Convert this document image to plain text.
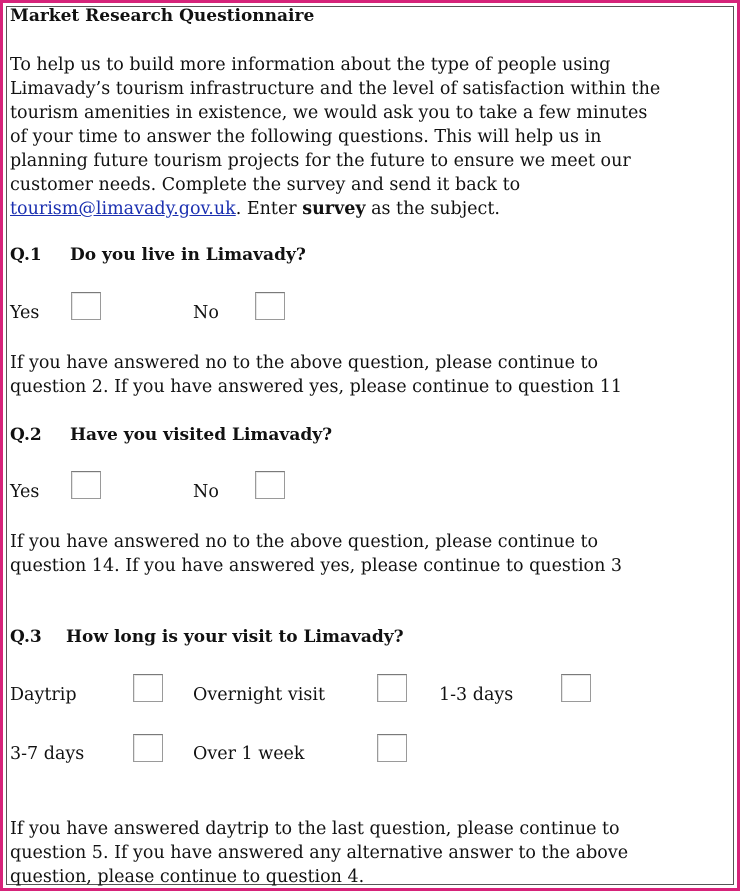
Market Research Questionnaire
To help us to build more information about the type of people using
Limavady’s tourism infrastructure and the level of satisfaction within the
tourism amenities in existence, we would ask you to take a few minutes
of your time to answer the following questions. This will help us in
planning future tourism projects for the future to ensure we meet our
customer needs. Complete the survey and send it back to
tourism@limavady.gov.uk. Enter survey as the subject.
Q.1 Do you live in Limavady?
Yes	No
If you have answered no to the above question, please continue to
question 2. If you have answered yes, please continue to question 11
Q.2 Have you visited Limavady?
Yes	No
If you have answered no to the above question, please continue to
question 14. If you have answered yes, please continue to question 3
Q.3 How long is your visit to Limavady?
Daytrip	Overnight visit	1-3 days
3-7 days	Over 1 week
If you have answered daytrip to the last question, please continue to
question 5. If you have answered any alternative answer to the above
question, please continue to question 4.
